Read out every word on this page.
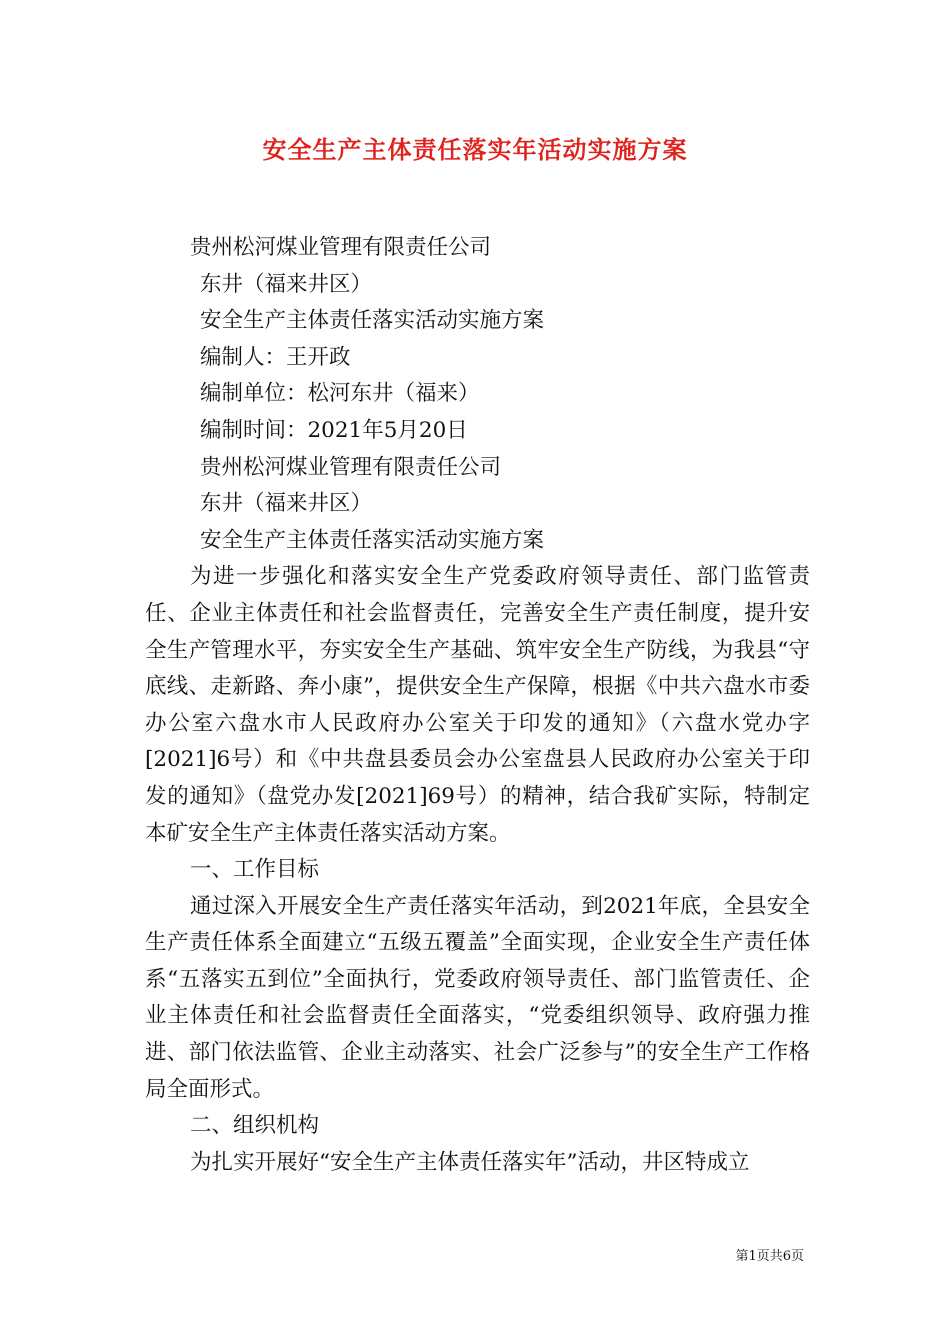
安全生产主体责任落实年活动实施方案
贵州松河煤业管理有限责任公司
东井（福来井区）
安全生产主体责任落实活动实施方案
编制人：王开政
编制单位：松河东井（福来）
编制时间：2021年5月20日
贵州松河煤业管理有限责任公司
东井（福来井区）
安全生产主体责任落实活动实施方案

为进一步强化和落实安全生产党委政府领导责任、部门监管责任、企业主体责任和社会监督责任，完善安全生产责任制度，提升安全生产管理水平，夯实安全生产基础、筑牢安全生产防线，为我县“守底线、走新路、奔小康”，提供安全生产保障，根据《中共六盘水市委办公室六盘水市人民政府办公室关于印发的通知》（六盘水党办字[2021]6号）和《中共盘县委员会办公室盘县人民政府办公室关于印发的通知》（盘党办发[2021]69号）的精神，结合我矿实际，特制定本矿安全生产主体责任落实活动方案。

一、工作目标

通过深入开展安全生产责任落实年活动，到2021年底，全县安全生产责任体系全面建立“五级五覆盖”全面实现，企业安全生产责任体系“五落实五到位”全面执行，党委政府领导责任、部门监管责任、企业主体责任和社会监督责任全面落实，“党委组织领导、政府强力推进、部门依法监管、企业主动落实、社会广泛参与”的安全生产工作格局全面形式。

二、组织机构

为扎实开展好“安全生产主体责任落实年”活动，井区特成立

第1页共6页
